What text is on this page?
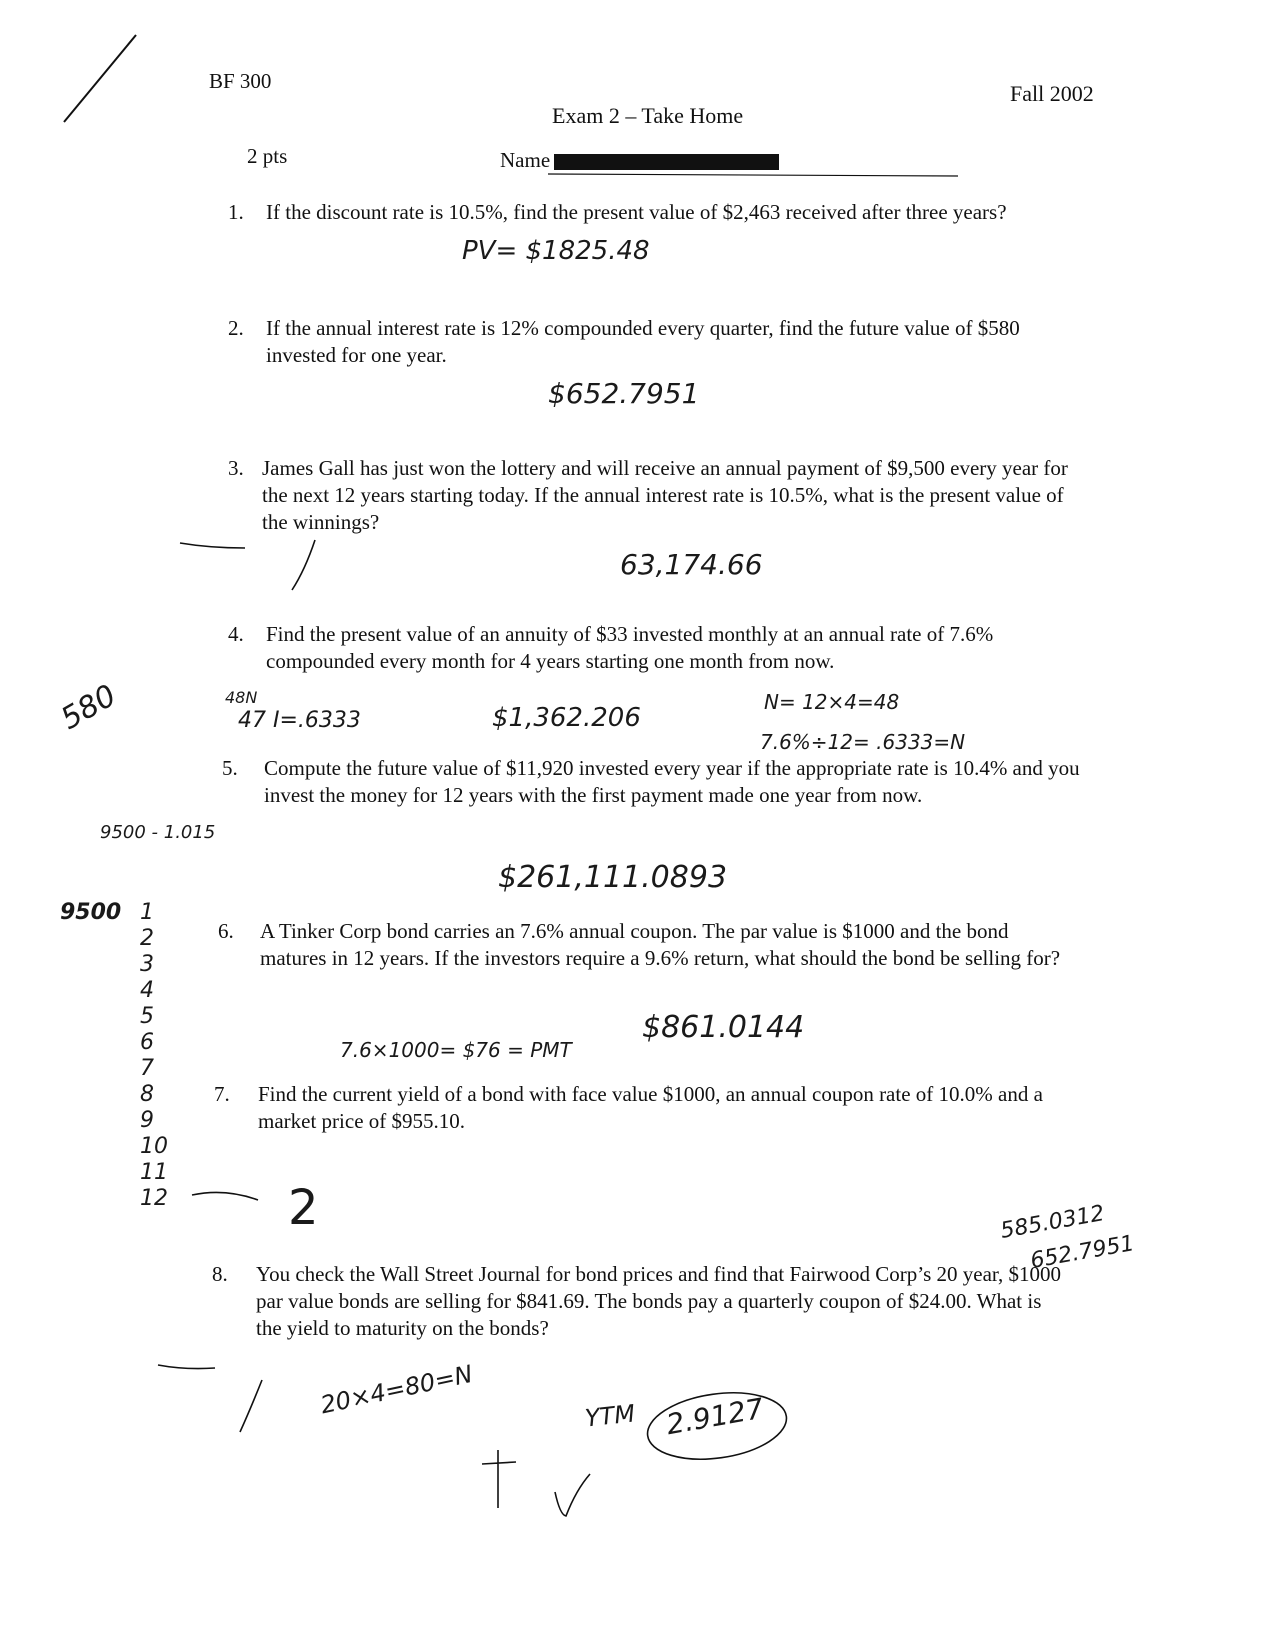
BF 300	Fall 2002
Exam 2 – Take Home
2 pts	Name
1. If the discount rate is 10.5%, find the present value of $2,463 received after three years?
2. If the annual interest rate is 12% compounded every quarter, find the future value of $580 invested for one year.
3. James Gall has just won the lottery and will receive an annual payment of $9,500 every year for the next 12 years starting today. If the annual interest rate is 10.5%, what is the present value of the winnings?
4. Find the present value of an annuity of $33 invested monthly at an annual rate of 7.6% compounded every month for 4 years starting one month from now.
5. Compute the future value of $11,920 invested every year if the appropriate rate is 10.4% and you invest the money for 12 years with the first payment made one year from now.
6. A Tinker Corp bond carries an 7.6% annual coupon. The par value is $1000 and the bond matures in 12 years. If the investors require a 9.6% return, what should the bond be selling for?
7. Find the current yield of a bond with face value $1000, an annual coupon rate of 10.0% and a market price of $955.10.
8. You check the Wall Street Journal for bond prices and find that Fairwood Corp’s 20 year, $1000 par value bonds are selling for $841.69. The bonds pay a quarterly coupon of $24.00. What is the yield to maturity on the bonds?
PV= $1825.48
$652.7951
63,174.66
48N
47 I=.6333	$1,362.206
N= 12×4=48
7.6%÷12= .6333=N
$261,111.0893
7.6×1000= $76 = PMT
$861.0144
2
20×4=80=N	YTM 2.9127
580
9500 - 1.015
9500 1
2
3
4
5
6
7
8
9
10
11
12
585.0312
652.7951
